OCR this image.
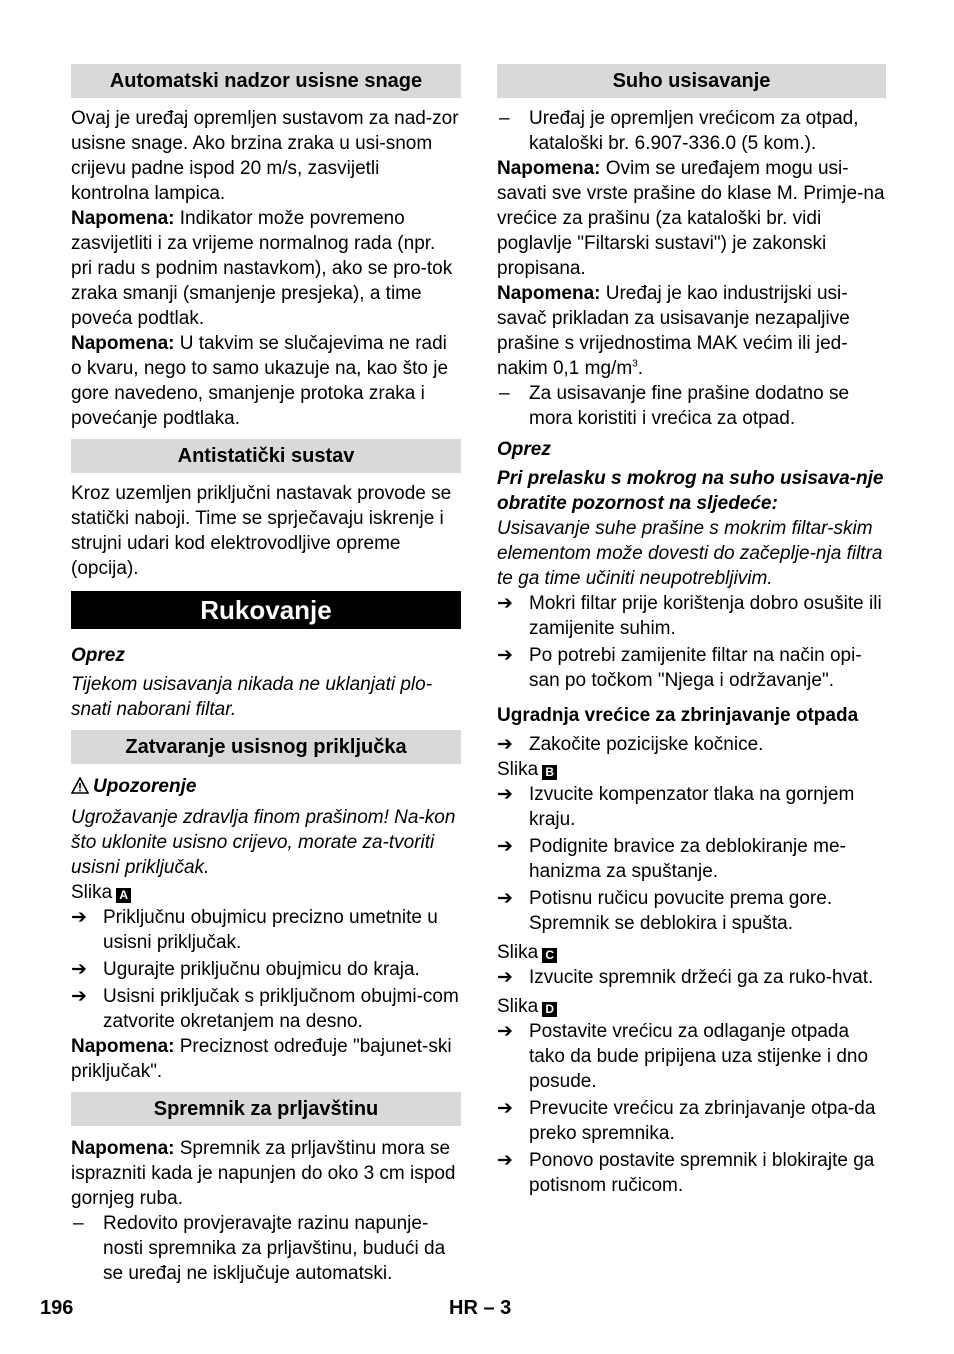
Automatski nadzor usisne snage

Ovaj je uređaj opremljen sustavom za nad-zor usisne snage. Ako brzina zraka u usi-snom crijevu padne ispod 20 m/s, zasvijetli kontrolna lampica.

Napomena: Indikator može povremeno zasvijetliti i za vrijeme normalnog rada (npr. pri radu s podnim nastavkom), ako se pro-tok zraka smanji (smanjenje presjeka), a time poveća podtlak.

Napomena: U takvim se slučajevima ne radi o kvaru, nego to samo ukazuje na, kao što je gore navedeno, smanjenje protoka zraka i povećanje podtlaka.

Antistatički sustav

Kroz uzemljen priključni nastavak provode se statički naboji. Time se sprječavaju iskrenje i strujni udari kod elektrovodljive opreme (opcija).

Rukovanje

Oprez

Tijekom usisavanja nikada ne uklanjati plo-snati naborani filtar.

Zatvaranje usisnog priključka

Upozorenje

Ugrožavanje zdravlja finom prašinom! Na-kon što uklonite usisno crijevo, morate za-tvoriti usisni priključak.

Slika A

➔ Priključnu obujmicu precizno umetnite u usisni priključak.
➔ Ugurajte priključnu obujmicu do kraja.
➔ Usisni priključak s priključnom obujmi-com zatvorite okretanjem na desno.

Napomena: Preciznost određuje "bajunet-ski priključak".

Spremnik za prljavštinu

Napomena: Spremnik za prljavštinu mora se isprazniti kada je napunjen do oko 3 cm ispod gornjeg ruba.

–	Redovito provjeravajte razinu napunje-nosti spremnika za prljavštinu, budući da se uređaj ne isključuje automatski.
Suho usisavanje
–	Uređaj je opremljen vrećicom za otpad, kataloški br. 6.907-336.0 (5 kom.).

Napomena: Ovim se uređajem mogu usi-savati sve vrste prašine do klase M. Primje-na vrećice za prašinu (za kataloški br. vidi poglavlje "Filtarski sustavi") je zakonski propisana.

Napomena: Uređaj je kao industrijski usi-savač prikladan za usisavanje nezapaljive prašine s vrijednostima MAK većim ili jed-nakim 0,1 $mg/m^3$.

–	Za usisavanje fine prašine dodatno se mora koristiti i vrećica za otpad.

Oprez

Pri prelasku s mokrog na suho usisava-nje obratite pozornost na sljedeće:

Usisavanje suhe prašine s mokrim filtar-skim elementom može dovesti do začeplje-nja filtra te ga time učiniti neupotrebljivim.

➔ Mokri filtar prije korištenja dobro osušite ili zamijenite suhim.
➔ Po potrebi zamijenite filtar na način opi-san po točkom "Njega i održavanje".

Ugradnja vrećice za zbrinjavanje otpada

➔ Zakočite pozicijske kočnice.

Slika B

➔ Izvucite kompenzator tlaka na gornjem kraju.
➔ Podignite bravice za deblokiranje me-hanizma za spuštanje.
➔ Potisnu ručicu povucite prema gore. Spremnik se deblokira i spušta.

Slika C

➔ Izvucite spremnik držeći ga za ruko-hvat.

Slika D

➔ Postavite vrećicu za odlaganje otpada tako da bude pripijena uza stijenke i dno posude.
➔ Prevucite vrećicu za zbrinjavanje otpa-da preko spremnika.
➔ Ponovo postavite spremnik i blokirajte ga potisnom ručicom.
196	HR – 3
